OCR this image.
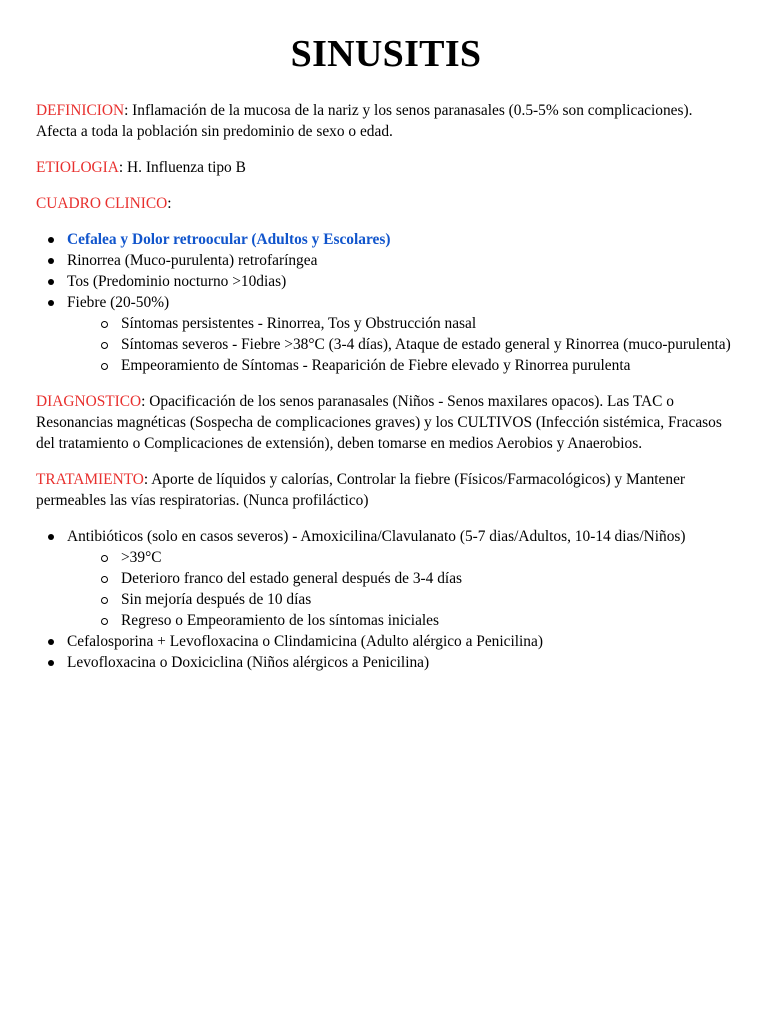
SINUSITIS

DEFINICION: Inflamación de la mucosa de la nariz y los senos paranasales (0.5-5% son complicaciones). Afecta a toda la población sin predominio de sexo o edad.

ETIOLOGIA: H. Influenza tipo B

CUADRO CLINICO:

Cefalea y Dolor retroocular (Adultos y Escolares)
Rinorrea (Muco-purulenta) retrofaríngea
Tos (Predominio nocturno >10dias)
Fiebre (20-50%)
Síntomas persistentes - Rinorrea, Tos y Obstrucción nasal
Síntomas severos - Fiebre >38°C (3-4 días), Ataque de estado general y Rinorrea (muco-purulenta)
Empeoramiento de Síntomas - Reaparición de Fiebre elevado y Rinorrea purulenta

DIAGNOSTICO: Opacificación de los senos paranasales (Niños - Senos maxilares opacos). Las TAC o Resonancias magnéticas (Sospecha de complicaciones graves) y los CULTIVOS (Infección sistémica, Fracasos del tratamiento o Complicaciones de extensión), deben tomarse en medios Aerobios y Anaerobios.

TRATAMIENTO: Aporte de líquidos y calorías, Controlar la fiebre (Físicos/Farmacológicos) y Mantener permeables las vías respiratorias. (Nunca profiláctico)

Antibióticos (solo en casos severos) - Amoxicilina/Clavulanato (5-7 dias/Adultos, 10-14 dias/Niños)
>39°C
Deterioro franco del estado general después de 3-4 días
Sin mejoría después de 10 días
Regreso o Empeoramiento de los síntomas iniciales
Cefalosporina + Levofloxacina o Clindamicina (Adulto alérgico a Penicilina)
Levofloxacina o Doxiciclina (Niños alérgicos a Penicilina)
